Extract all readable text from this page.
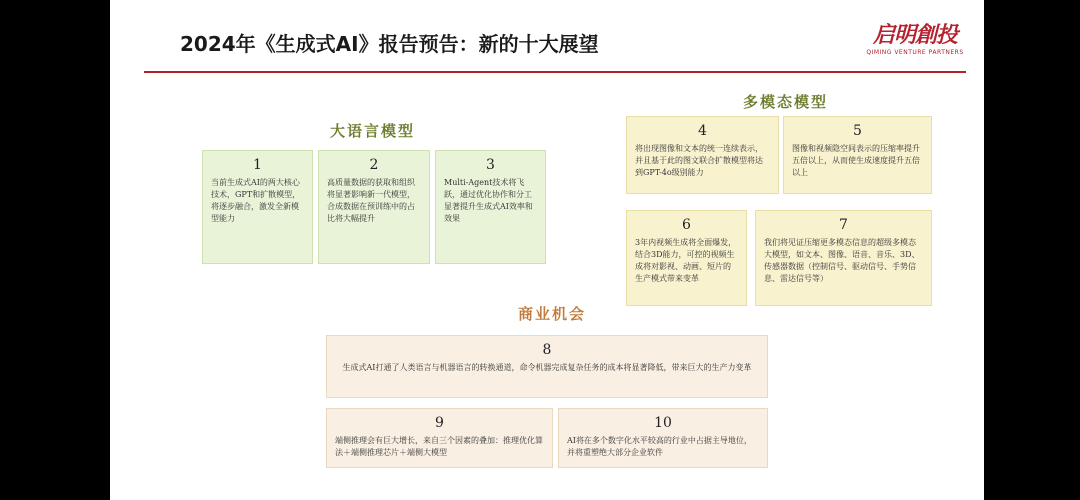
2024年《生成式AI》报告预告：新的十大展望	启明創投
QIMING VENTURE PARTNERS
大语言模型
多模态模型
商业机会
1
当前生成式AI的两大核心技术，GPT和扩散模型，将逐步融合，激发全新模型能力
2
高质量数据的获取和组织将显著影响新一代模型，合成数据在预训练中的占比将大幅提升
3
Multi-Agent技术将飞跃，通过优化协作和分工显著提升生成式AI效率和效果
4
将出现图像和文本的统一连续表示，并且基于此的图文联合扩散模型将达到GPT-4o级别能力
5
图像和视频隐空间表示的压缩率提升五倍以上，从而使生成速度提升五倍以上
6
3年内视频生成将全面爆发，结合3D能力，可控的视频生成将对影视、动画、短片的生产模式带来变革
7
我们将见证压缩更多模态信息的超级多模态大模型，如文本、图像、语音、音乐、3D、传感器数据（控制信号、驱动信号、手势信息、雷达信号等）
8
生成式AI打通了人类语言与机器语言的转换通道，命令机器完成复杂任务的成本将显著降低，带来巨大的生产力变革
9
端侧推理会有巨大增长，来自三个因素的叠加：推理优化算法＋端侧推理芯片＋端侧大模型
10
AI将在多个数字化水平较高的行业中占据主导地位，并将重塑绝大部分企业软件
